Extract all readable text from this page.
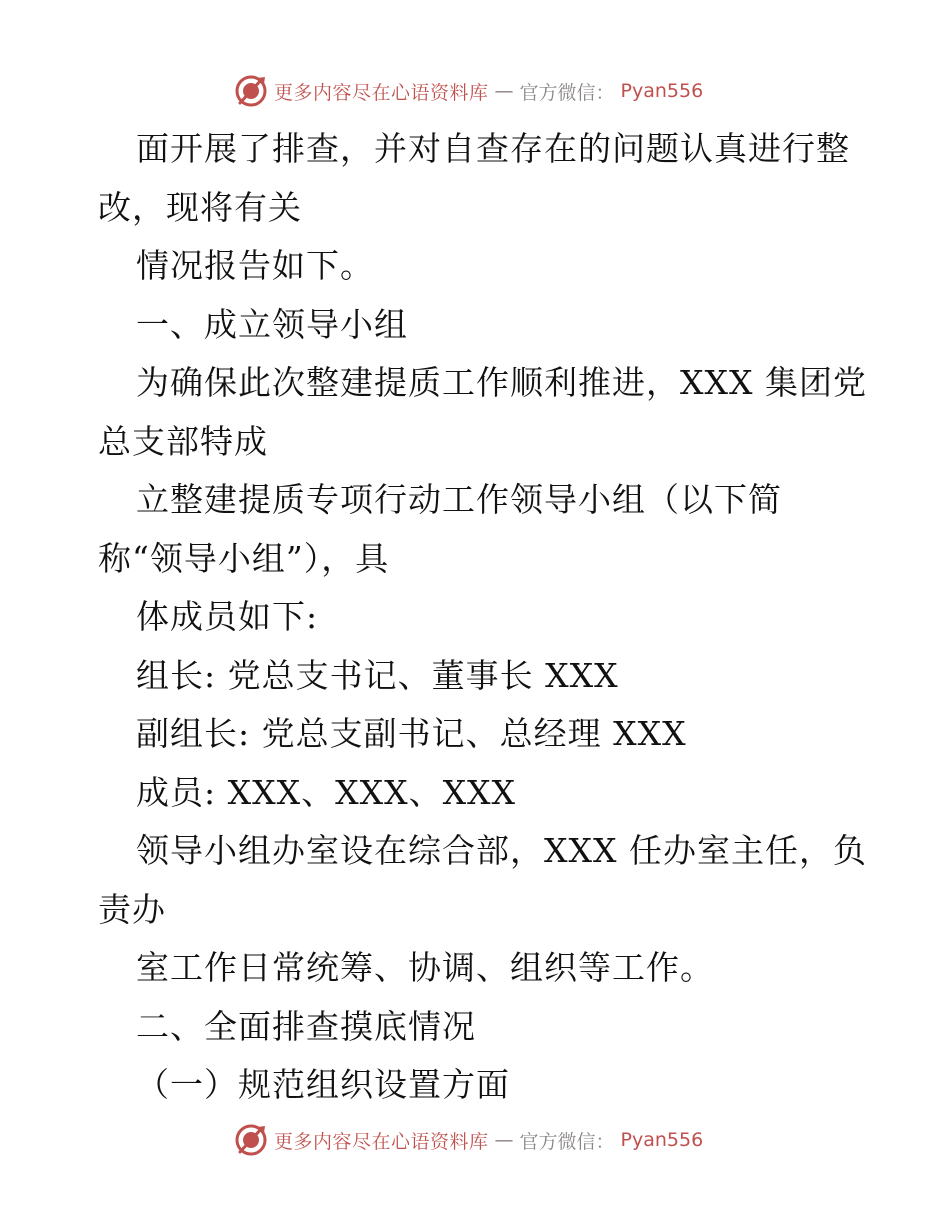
更多内容尽在心语资料库 — 官方微信： Pyan556

面开展了排查，并对自查存在的问题认真进行整

改，现将有关

情况报告如下。

一、成立领导小组

为确保此次整建提质工作顺利推进，XXX 集团党

总支部特成

立整建提质专项行动工作领导小组（以下简

称“领导小组”），具

体成员如下:

组长: 党总支书记、董事长 XXX

副组长: 党总支副书记、总经理 XXX

成员: XXX、XXX、XXX

领导小组办室设在综合部，XXX 任办室主任，负

责办

室工作日常统筹、协调、组织等工作。

二、全面排查摸底情况

（一）规范组织设置方面

更多内容尽在心语资料库 — 官方微信： Pyan556
